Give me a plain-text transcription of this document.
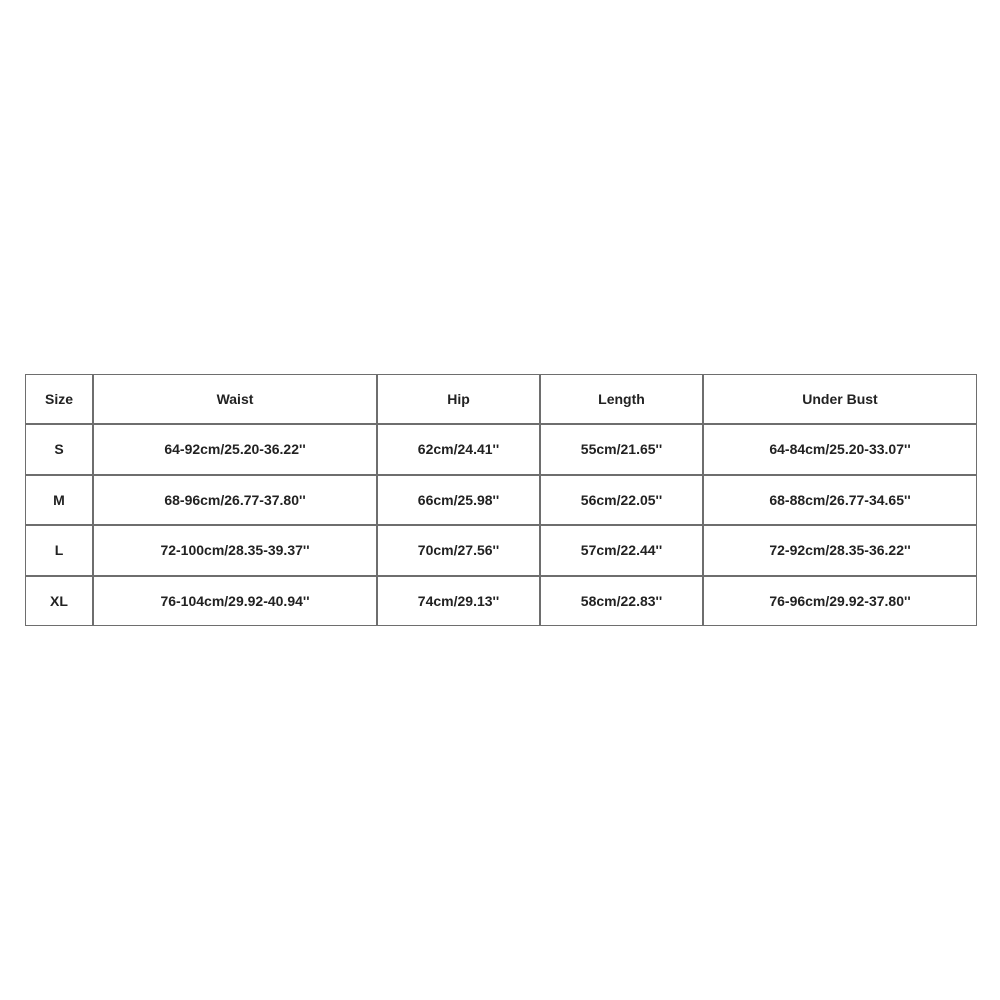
Size	Waist	Hip	Length	Under Bust
S	64-92cm/25.20-36.22''	62cm/24.41''	55cm/21.65''	64-84cm/25.20-33.07''
M	68-96cm/26.77-37.80''	66cm/25.98''	56cm/22.05''	68-88cm/26.77-34.65''
L	72-100cm/28.35-39.37''	70cm/27.56''	57cm/22.44''	72-92cm/28.35-36.22''
XL	76-104cm/29.92-40.94''	74cm/29.13''	58cm/22.83''	76-96cm/29.92-37.80''
